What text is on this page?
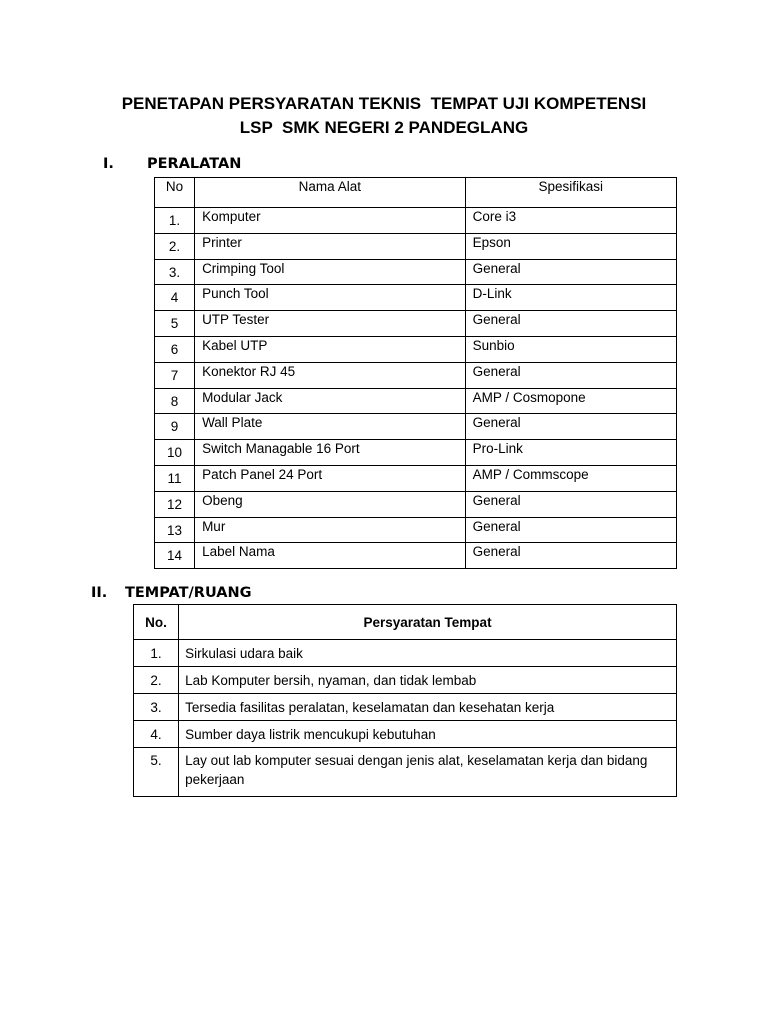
PENETAPAN PERSYARATAN TEKNIS  TEMPAT UJI KOMPETENSI
LSP  SMK NEGERI 2 PANDEGLANG
I. PERALATAN
No	Nama Alat	Spesifikasi
1.	Komputer	Core i3
2.	Printer	Epson
3.	Crimping Tool	General
4	Punch Tool	D-Link
5	UTP Tester	General
6	Kabel UTP	Sunbio
7	Konektor RJ 45	General
8	Modular Jack	AMP / Cosmopone
9	Wall Plate	General
10	Switch Managable 16 Port	Pro-Link
11	Patch Panel 24 Port	AMP / Commscope
12	Obeng	General
13	Mur	General
14	Label Nama	General
II. TEMPAT/RUANG
No.	Persyaratan Tempat
1.	Sirkulasi udara baik
2.	Lab Komputer bersih, nyaman, dan tidak lembab
3.	Tersedia fasilitas peralatan, keselamatan dan kesehatan kerja
4.	Sumber daya listrik mencukupi kebutuhan
5.	Lay out lab komputer sesuai dengan jenis alat, keselamatan kerja dan bidang pekerjaan
